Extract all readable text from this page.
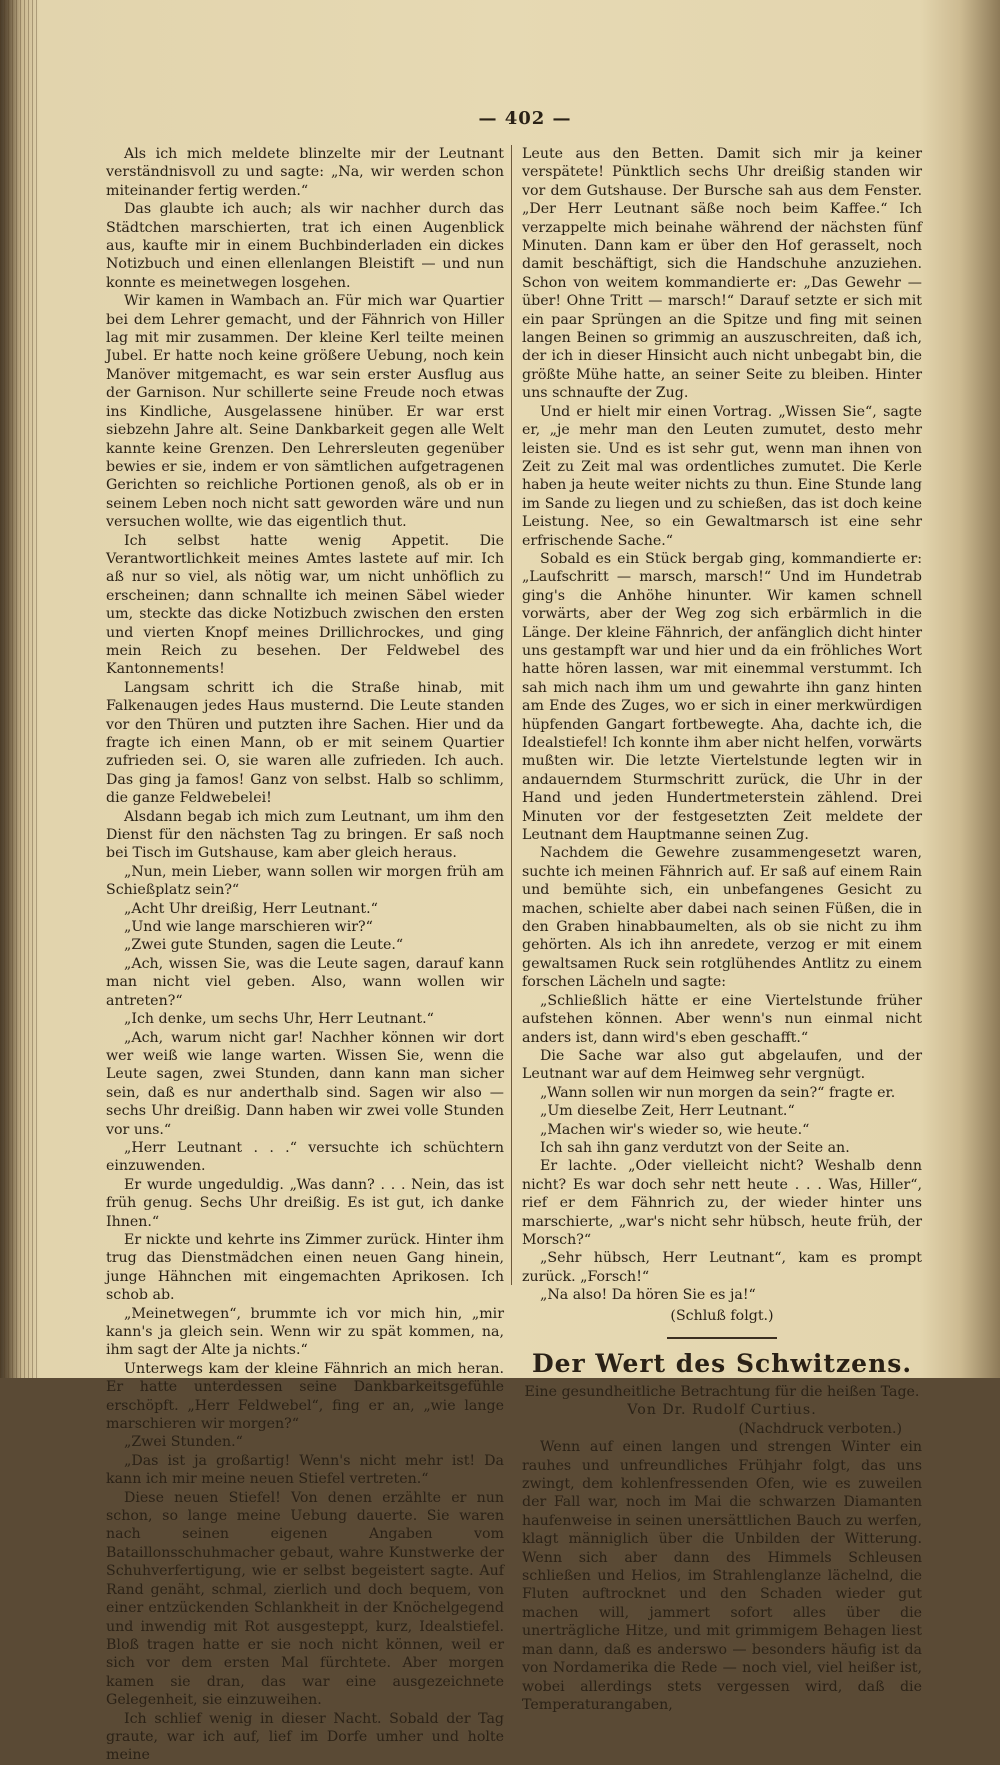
— 402 —

Als ich mich meldete blinzelte mir der Leutnant verständnisvoll zu und sagte: „Na, wir werden schon miteinander fertig werden.“

Das glaubte ich auch; als wir nachher durch das Städtchen marschierten, trat ich einen Augenblick aus, kaufte mir in einem Buchbinderladen ein dickes Notizbuch und einen ellenlangen Bleistift — und nun konnte es meinetwegen losgehen.

Wir kamen in Wambach an. Für mich war Quartier bei dem Lehrer gemacht, und der Fähnrich von Hiller lag mit mir zusammen. Der kleine Kerl teilte meinen Jubel. Er hatte noch keine größere Uebung, noch kein Manöver mitgemacht, es war sein erster Ausflug aus der Garnison. Nur schillerte seine Freude noch etwas ins Kindliche, Ausgelassene hinüber. Er war erst siebzehn Jahre alt. Seine Dankbarkeit gegen alle Welt kannte keine Grenzen. Den Lehrersleuten gegenüber bewies er sie, indem er von sämtlichen aufgetragenen Gerichten so reichliche Portionen genoß, als ob er in seinem Leben noch nicht satt geworden wäre und nun versuchen wollte, wie das eigentlich thut.

Ich selbst hatte wenig Appetit. Die Verantwortlichkeit meines Amtes lastete auf mir. Ich aß nur so viel, als nötig war, um nicht unhöflich zu erscheinen; dann schnallte ich meinen Säbel wieder um, steckte das dicke Notizbuch zwischen den ersten und vierten Knopf meines Drillichrockes, und ging mein Reich zu besehen. Der Feldwebel des Kantonnements!

Langsam schritt ich die Straße hinab, mit Falkenaugen jedes Haus musternd. Die Leute standen vor den Thüren und putzten ihre Sachen. Hier und da fragte ich einen Mann, ob er mit seinem Quartier zufrieden sei. O, sie waren alle zufrieden. Ich auch. Das ging ja famos! Ganz von selbst. Halb so schlimm, die ganze Feldwebelei!

Alsdann begab ich mich zum Leutnant, um ihm den Dienst für den nächsten Tag zu bringen. Er saß noch bei Tisch im Gutshause, kam aber gleich heraus.

„Nun, mein Lieber, wann sollen wir morgen früh am Schießplatz sein?“

„Acht Uhr dreißig, Herr Leutnant.“

„Und wie lange marschieren wir?“

„Zwei gute Stunden, sagen die Leute.“

„Ach, wissen Sie, was die Leute sagen, darauf kann man nicht viel geben. Also, wann wollen wir antreten?“

„Ich denke, um sechs Uhr, Herr Leutnant.“

„Ach, warum nicht gar! Nachher können wir dort wer weiß wie lange warten. Wissen Sie, wenn die Leute sagen, zwei Stunden, dann kann man sicher sein, daß es nur anderthalb sind. Sagen wir also — sechs Uhr dreißig. Dann haben wir zwei volle Stunden vor uns.“

„Herr Leutnant . . .“ versuchte ich schüchtern einzuwenden.

Er wurde ungeduldig. „Was dann? . . . Nein, das ist früh genug. Sechs Uhr dreißig. Es ist gut, ich danke Ihnen.“

Er nickte und kehrte ins Zimmer zurück. Hinter ihm trug das Dienstmädchen einen neuen Gang hinein, junge Hähnchen mit eingemachten Aprikosen. Ich schob ab.

„Meinetwegen“, brummte ich vor mich hin, „mir kann's ja gleich sein. Wenn wir zu spät kommen, na, ihm sagt der Alte ja nichts.“

Unterwegs kam der kleine Fähnrich an mich heran. Er hatte unterdessen seine Dankbarkeitsgefühle erschöpft. „Herr Feldwebel“, fing er an, „wie lange marschieren wir morgen?“

„Zwei Stunden.“

„Das ist ja großartig! Wenn's nicht mehr ist! Da kann ich mir meine neuen Stiefel vertreten.“

Diese neuen Stiefel! Von denen erzählte er nun schon, so lange meine Uebung dauerte. Sie waren nach seinen eigenen Angaben vom Bataillonsschuhmacher gebaut, wahre Kunstwerke der Schuhverfertigung, wie er selbst begeistert sagte. Auf Rand genäht, schmal, zierlich und doch bequem, von einer entzückenden Schlankheit in der Knöchelgegend und inwendig mit Rot ausgesteppt, kurz, Idealstiefel. Bloß tragen hatte er sie noch nicht können, weil er sich vor dem ersten Mal fürchtete. Aber morgen kamen sie dran, das war eine ausgezeichnete Gelegenheit, sie einzuweihen.

Ich schlief wenig in dieser Nacht. Sobald der Tag graute, war ich auf, lief im Dorfe umher und holte meine

Leute aus den Betten. Damit sich mir ja keiner verspätete! Pünktlich sechs Uhr dreißig standen wir vor dem Gutshause. Der Bursche sah aus dem Fenster. „Der Herr Leutnant säße noch beim Kaffee.“ Ich verzappelte mich beinahe während der nächsten fünf Minuten. Dann kam er über den Hof gerasselt, noch damit beschäftigt, sich die Handschuhe anzuziehen. Schon von weitem kommandierte er: „Das Gewehr — über! Ohne Tritt — marsch!“ Darauf setzte er sich mit ein paar Sprüngen an die Spitze und fing mit seinen langen Beinen so grimmig an auszuschreiten, daß ich, der ich in dieser Hinsicht auch nicht unbegabt bin, die größte Mühe hatte, an seiner Seite zu bleiben. Hinter uns schnaufte der Zug.

Und er hielt mir einen Vortrag. „Wissen Sie“, sagte er, „je mehr man den Leuten zumutet, desto mehr leisten sie. Und es ist sehr gut, wenn man ihnen von Zeit zu Zeit mal was ordentliches zumutet. Die Kerle haben ja heute weiter nichts zu thun. Eine Stunde lang im Sande zu liegen und zu schießen, das ist doch keine Leistung. Nee, so ein Gewaltmarsch ist eine sehr erfrischende Sache.“

Sobald es ein Stück bergab ging, kommandierte er: „Laufschritt — marsch, marsch!“ Und im Hundetrab ging's die Anhöhe hinunter. Wir kamen schnell vorwärts, aber der Weg zog sich erbärmlich in die Länge. Der kleine Fähnrich, der anfänglich dicht hinter uns gestampft war und hier und da ein fröhliches Wort hatte hören lassen, war mit einemmal verstummt. Ich sah mich nach ihm um und gewahrte ihn ganz hinten am Ende des Zuges, wo er sich in einer merkwürdigen hüpfenden Gangart fortbewegte. Aha, dachte ich, die Idealstiefel! Ich konnte ihm aber nicht helfen, vorwärts mußten wir. Die letzte Viertelstunde legten wir in andauerndem Sturmschritt zurück, die Uhr in der Hand und jeden Hundertmeterstein zählend. Drei Minuten vor der festgesetzten Zeit meldete der Leutnant dem Hauptmanne seinen Zug.

Nachdem die Gewehre zusammengesetzt waren, suchte ich meinen Fähnrich auf. Er saß auf einem Rain und bemühte sich, ein unbefangenes Gesicht zu machen, schielte aber dabei nach seinen Füßen, die in den Graben hinabbaumelten, als ob sie nicht zu ihm gehörten. Als ich ihn anredete, verzog er mit einem gewaltsamen Ruck sein rotglühendes Antlitz zu einem forschen Lächeln und sagte:

„Schließlich hätte er eine Viertelstunde früher aufstehen können. Aber wenn's nun einmal nicht anders ist, dann wird's eben geschafft.“

Die Sache war also gut abgelaufen, und der Leutnant war auf dem Heimweg sehr vergnügt.

„Wann sollen wir nun morgen da sein?“ fragte er.

„Um dieselbe Zeit, Herr Leutnant.“

„Machen wir's wieder so, wie heute.“

Ich sah ihn ganz verdutzt von der Seite an.

Er lachte. „Oder vielleicht nicht? Weshalb denn nicht? Es war doch sehr nett heute . . . Was, Hiller“, rief er dem Fähnrich zu, der wieder hinter uns marschierte, „war's nicht sehr hübsch, heute früh, der Morsch?“

„Sehr hübsch, Herr Leutnant“, kam es prompt zurück. „Forsch!“

„Na also! Da hören Sie es ja!“

(Schluß folgt.)

Der Wert des Schwitzens.

Eine gesundheitliche Betrachtung für die heißen Tage.

Von Dr. Rudolf Curtius.

(Nachdruck verboten.)

Wenn auf einen langen und strengen Winter ein rauhes und unfreundliches Frühjahr folgt, das uns zwingt, dem kohlenfressenden Ofen, wie es zuweilen der Fall war, noch im Mai die schwarzen Diamanten haufenweise in seinen unersättlichen Bauch zu werfen, klagt männiglich über die Unbilden der Witterung. Wenn sich aber dann des Himmels Schleusen schließen und Helios, im Strahlenglanze lächelnd, die Fluten auftrocknet und den Schaden wieder gut machen will, jammert sofort alles über die unerträgliche Hitze, und mit grimmigem Behagen liest man dann, daß es anderswo — besonders häufig ist da von Nordamerika die Rede — noch viel, viel heißer ist, wobei allerdings stets vergessen wird, daß die Temperaturangaben,
